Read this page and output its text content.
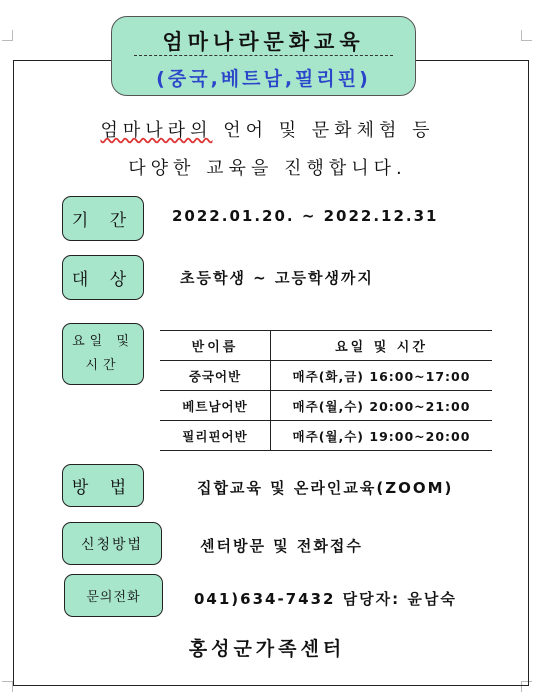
엄마나라문화교육
(중국,베트남,필리핀)
엄마나라의 언어 및 문화체험 등
다양한 교육을 진행합니다.
기 간	2022.01.20. ~ 2022.12.31
대 상	초등학생 ~ 고등학생까지
요일 및
시간
반이름	요일 및 시간
중국어반	매주(화,금) 16:00~17:00
베트남어반	매주(월,수) 20:00~21:00
필리핀어반	매주(월,수) 19:00~20:00
방 법	집합교육 및 온라인교육(ZOOM)
신청방법	센터방문 및 전화접수
문의전화	041)634-7432 담당자: 윤남숙
홍성군가족센터
